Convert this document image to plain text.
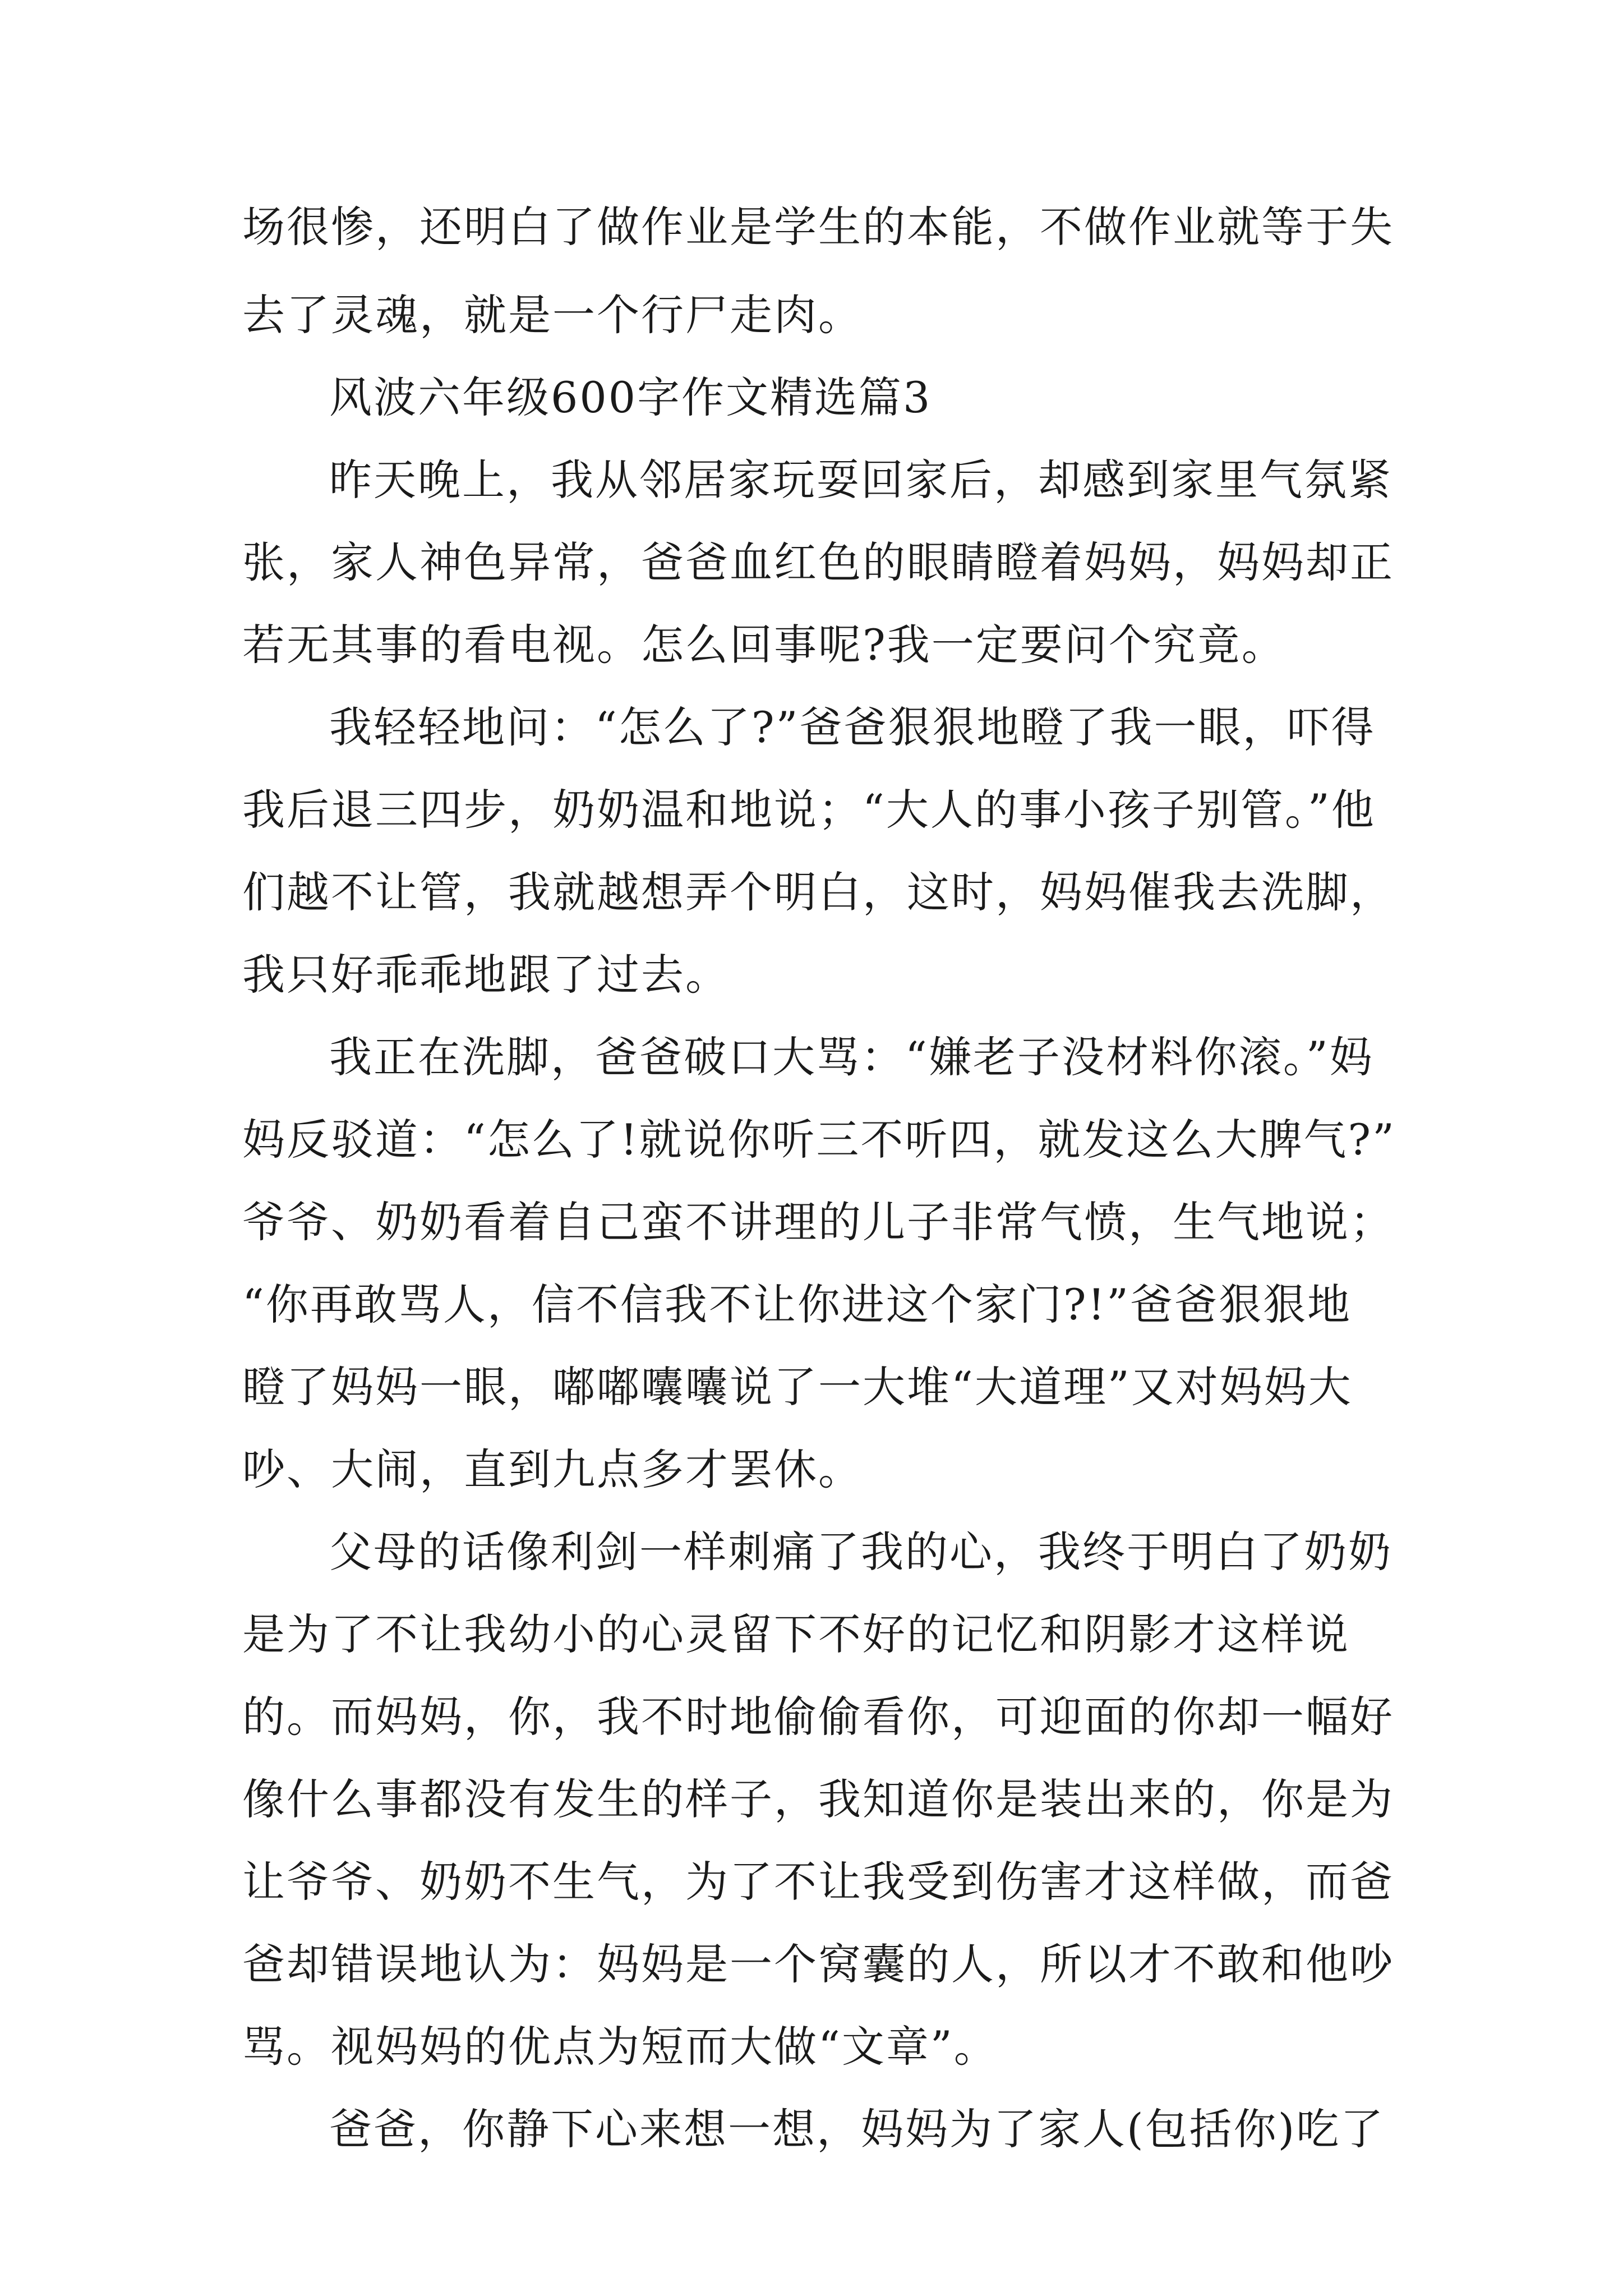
场很惨，还明白了做作业是学生的本能，不做作业就等于失
去了灵魂，就是一个行尸走肉。
风波六年级600字作文精选篇3
昨天晚上，我从邻居家玩耍回家后，却感到家里气氛紧
张，家人神色异常，爸爸血红色的眼睛瞪着妈妈，妈妈却正
若无其事的看电视。怎么回事呢?我一定要问个究竟。
我轻轻地问：“怎么了?”爸爸狠狠地瞪了我一眼，吓得
我后退三四步，奶奶温和地说；“大人的事小孩子别管。”他
们越不让管，我就越想弄个明白，这时，妈妈催我去洗脚，
我只好乖乖地跟了过去。
我正在洗脚，爸爸破口大骂：“嫌老子没材料你滚。”妈
妈反驳道：“怎么了!就说你听三不听四，就发这么大脾气?”
爷爷、奶奶看着自己蛮不讲理的儿子非常气愤，生气地说；
“你再敢骂人，信不信我不让你进这个家门?!”爸爸狠狠地
瞪了妈妈一眼，嘟嘟囔囔说了一大堆“大道理”又对妈妈大
吵、大闹，直到九点多才罢休。
父母的话像利剑一样刺痛了我的心，我终于明白了奶奶
是为了不让我幼小的心灵留下不好的记忆和阴影才这样说
的。而妈妈，你，我不时地偷偷看你，可迎面的你却一幅好
像什么事都没有发生的样子，我知道你是装出来的，你是为
让爷爷、奶奶不生气，为了不让我受到伤害才这样做，而爸
爸却错误地认为：妈妈是一个窝囊的人，所以才不敢和他吵
骂。视妈妈的优点为短而大做“文章”。
爸爸，你静下心来想一想，妈妈为了家人(包括你)吃了
